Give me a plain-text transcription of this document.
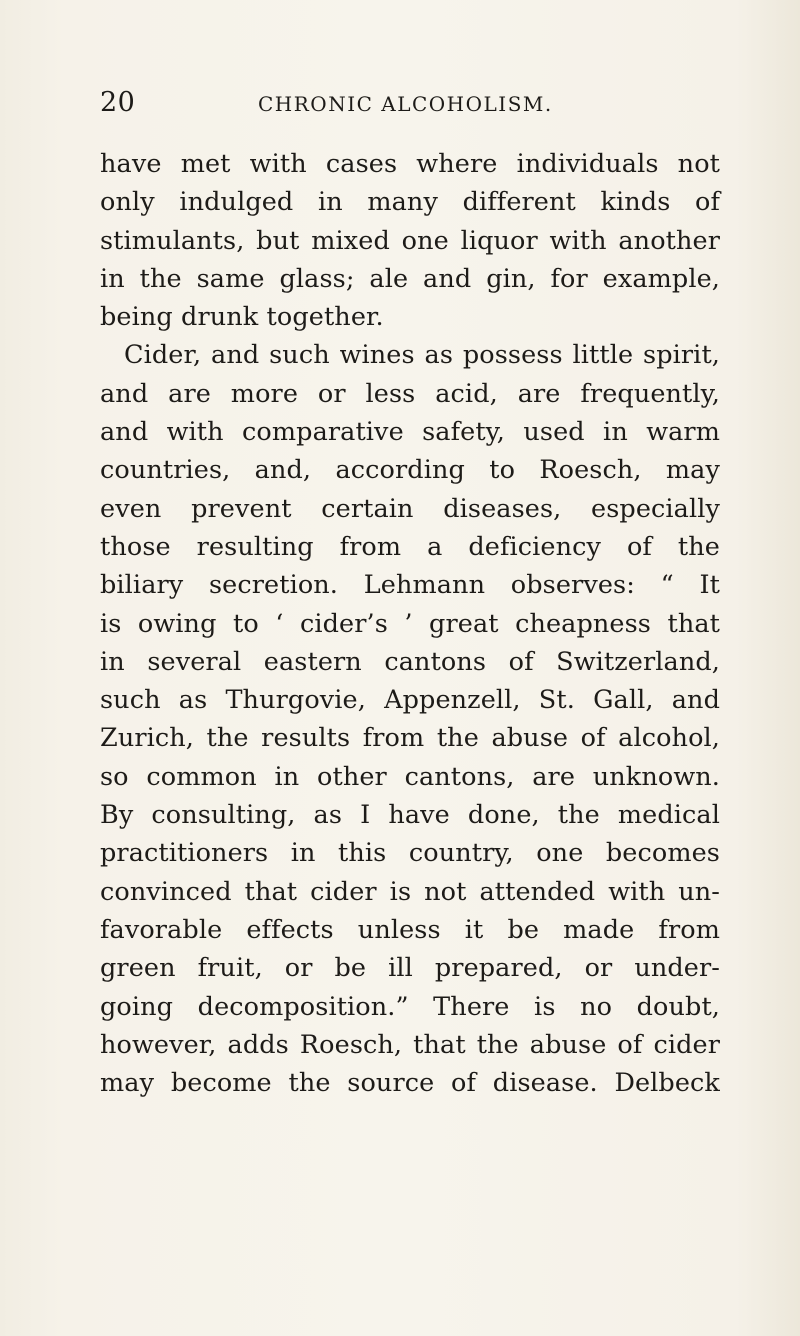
20	CHRONIC ALCOHOLISM.
have met with cases where individuals not
only indulged in many different kinds of
stimulants, but mixed one liquor with another
in the same glass; ale and gin, for example,
being drunk together.
Cider, and such wines as possess little spirit,
and are more or less acid, are frequently,
and with comparative safety, used in warm
countries, and, according to Roesch, may
even prevent certain diseases, especially
those resulting from a deficiency of the
biliary secretion. Lehmann observes: “ It
is owing to ‘ cider’s ’ great cheapness that
in several eastern cantons of Switzerland,
such as Thurgovie, Appenzell, St. Gall, and
Zurich, the results from the abuse of alcohol,
so common in other cantons, are unknown.
By consulting, as I have done, the medical
practitioners in this country, one becomes
convinced that cider is not attended with un-
favorable effects unless it be made from
green fruit, or be ill prepared, or under-
going decomposition.” There is no doubt,
however, adds Roesch, that the abuse of cider
may become the source of disease. Delbeck
